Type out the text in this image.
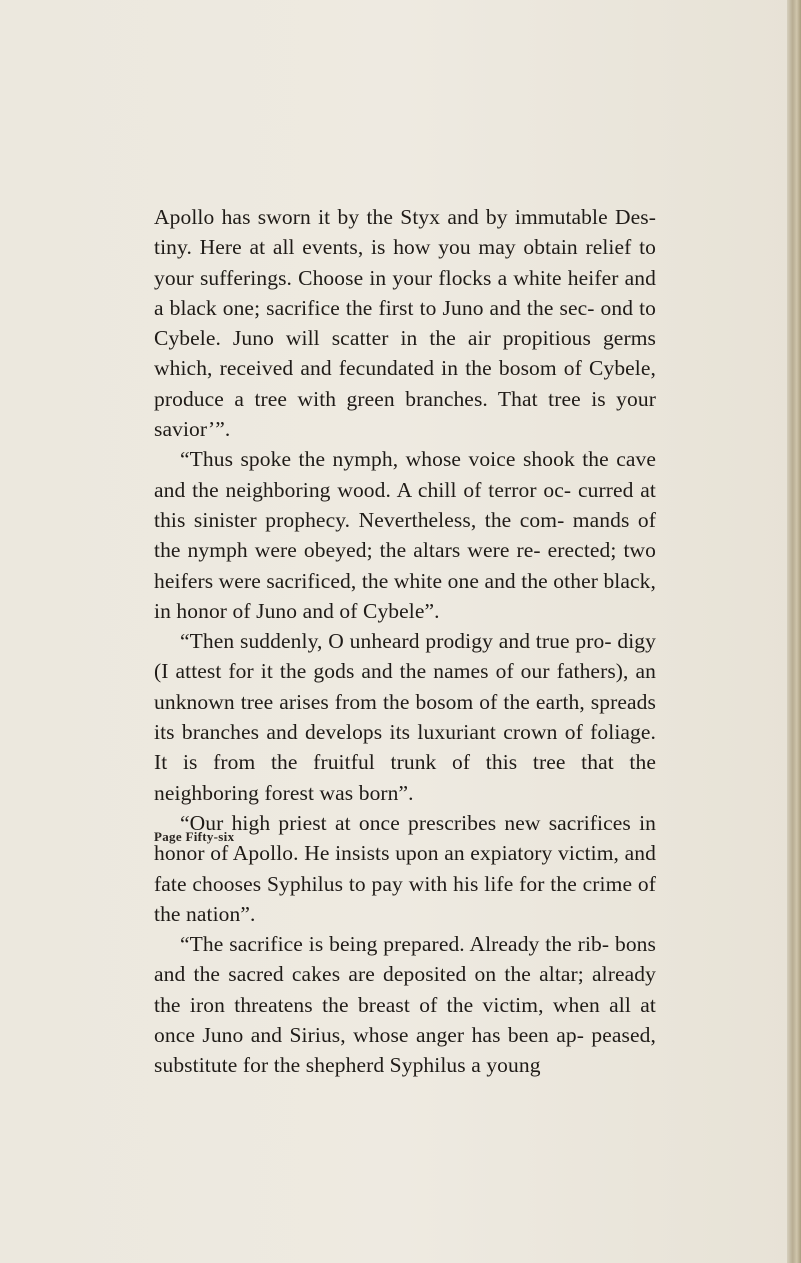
Apollo has sworn it by the Styx and by immutable Des- tiny. Here at all events, is how you may obtain relief to your sufferings. Choose in your flocks a white heifer and a black one; sacrifice the first to Juno and the sec- ond to Cybele. Juno will scatter in the air propitious germs which, received and fecundated in the bosom of Cybele, produce a tree with green branches. That tree is your savior’”.

“Thus spoke the nymph, whose voice shook the cave and the neighboring wood. A chill of terror oc- curred at this sinister prophecy. Nevertheless, the com- mands of the nymph were obeyed; the altars were re- erected; two heifers were sacrificed, the white one and the other black, in honor of Juno and of Cybele”.

“Then suddenly, O unheard prodigy and true pro- digy (I attest for it the gods and the names of our fathers), an unknown tree arises from the bosom of the earth, spreads its branches and develops its luxuriant crown of foliage. It is from the fruitful trunk of this tree that the neighboring forest was born”.

“Our high priest at once prescribes new sacrifices in honor of Apollo. He insists upon an expiatory victim, and fate chooses Syphilus to pay with his life for the crime of the nation”.

“The sacrifice is being prepared. Already the rib- bons and the sacred cakes are deposited on the altar; already the iron threatens the breast of the victim, when all at once Juno and Sirius, whose anger has been ap- peased, substitute for the shepherd Syphilus a young

Page Fifty-six
